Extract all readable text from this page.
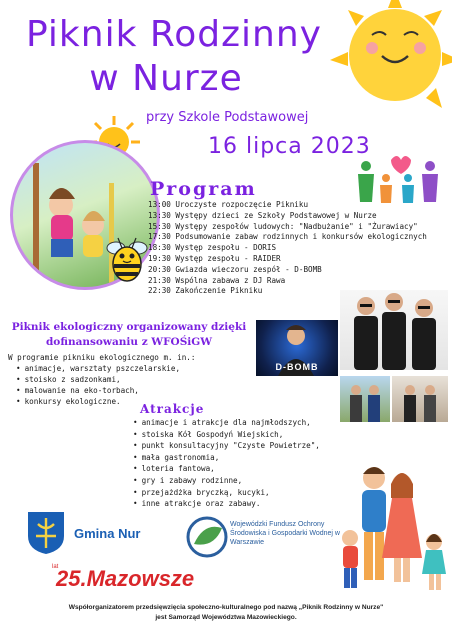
Piknik Rodzinny
w Nurze
przy Szkole Podstawowej
16 lipca 2023
Program
13:00 Uroczyste rozpoczęcie Pikniku
13:30 Występy dzieci ze Szkoły Podstawowej w Nurze
15:30 Występy zespołów ludowych: "Nadbużanie" i "Żurawiacy"
17:30 Podsumowanie zabaw rodzinnych i konkursów ekologicznych
18:30 Występ zespołu - DORIS
19:30 Występ zespołu - RAIDER
20:30 Gwiazda wieczoru zespół - D-BOMB
21:30 Wspólna zabawa z DJ Rawa
22:30 Zakończenie Pikniku
D-BOMB
Piknik ekologiczny organizowany dzięki
dofinansowaniu z WFOŚiGW
W programie pikniku ekologicznego m. in.:
• animacje, warsztaty pszczelarskie,
• stoisko z sadzonkami,
• malowanie na eko-torbach,
• konkursy ekologiczne.
Atrakcje
• animacje i atrakcje dla najmłodszych,
• stoiska Kół Gospodyń Wiejskich,
• punkt konsultacyjny "Czyste Powietrze",
• mała gastronomia,
• loteria fantowa,
• gry i zabawy rodzinne,
• przejażdżka bryczką, kucyki,
• inne atrakcje oraz zabawy.
Gmina Nur
Wojewódzki Fundusz Ochrony Środowiska i Gospodarki Wodnej w Warszawie
lat
25.Mazowsze
Współorganizatorem przedsięwzięcia społeczno-kulturalnego pod nazwą „Piknik Rodzinny w Nurze"
jest Samorząd Województwa Mazowieckiego.
